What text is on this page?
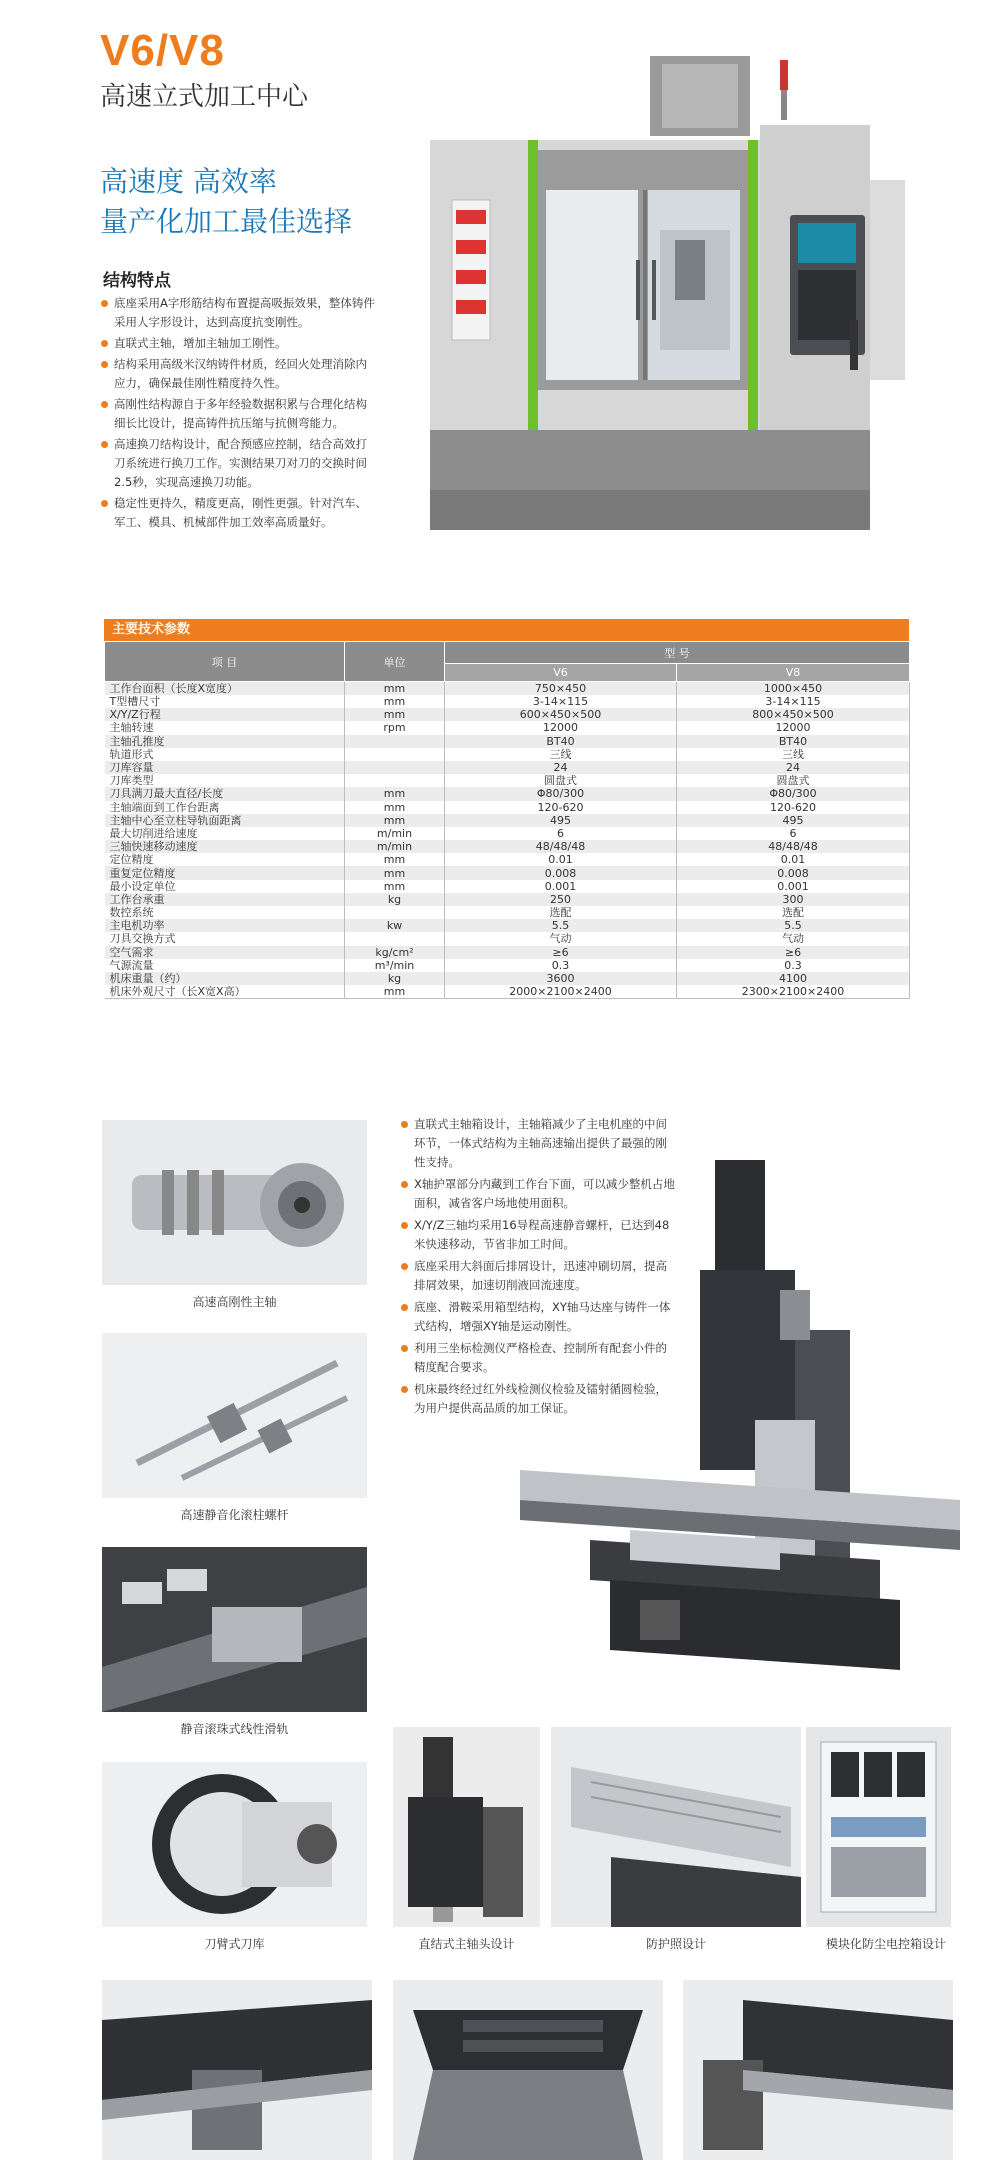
V6/V8
高速立式加工中心
高速度 高效率
量产化加工最佳选择
结构特点
底座采用A字形筋结构布置提高吸振效果，整体铸件采用人字形设计，达到高度抗变刚性。
直联式主轴，增加主轴加工刚性。
结构采用高级米汉纳铸件材质，经回火处理消除内应力，确保最佳刚性精度持久性。
高刚性结构源自于多年经验数据积累与合理化结构细长比设计，提高铸件抗压缩与抗侧弯能力。
高速换刀结构设计，配合预感应控制，结合高效打刀系统进行换刀工作。实测结果刀对刀的交换时间2.5秒，实现高速换刀功能。
稳定性更持久，精度更高，刚性更强。针对汽车、军工、模具、机械部件加工效率高质量好。
主要技术参数
项 目	单位	型 号	
		V6	V8
工作台面积（长度X宽度）	mm	750×450	1000×450
T型槽尺寸	mm	3-14×115	3-14×115
X/Y/Z行程	mm	600×450×500	800×450×500
主轴转速	rpm	12000	12000
主轴孔推度		BT40	BT40
轨道形式		三线	三线
刀库容量		24	24
刀库类型		圆盘式	圆盘式
刀具满刀最大直径/长度	mm	Φ80/300	Φ80/300
主轴端面到工作台距离	mm	120-620	120-620
主轴中心至立柱导轨面距离	mm	495	495
最大切削进给速度	m/min	6	6
三轴快速移动速度	m/min	48/48/48	48/48/48
定位精度	mm	0.01	0.01
重复定位精度	mm	0.008	0.008
最小设定单位	mm	0.001	0.001
工作台承重	kg	250	300
数控系统		选配	选配
主电机功率	kw	5.5	5.5
刀具交换方式		气动	气动
空气需求	kg/cm²	≥6	≥6
气源流量	m³/min	0.3	0.3
机床重量（约）	kg	3600	4100
机床外观尺寸（长X宽X高）	mm	2000×2100×2400	2300×2100×2400
高速高刚性主轴
高速静音化滚柱螺杆
静音滚珠式线性滑轨
刀臂式刀库	直结式主轴头设计	防护照设计	模块化防尘电控箱设计
直联式主轴箱设计，主轴箱减少了主电机座的中间环节，一体式结构为主轴高速输出提供了最强的刚性支持。
X轴护罩部分内藏到工作台下面，可以减少整机占地面积，减省客户场地使用面积。
X/Y/Z三轴均采用16导程高速静音螺杆，已达到48米快速移动，节省非加工时间。
底座采用大斜面后排屑设计，迅速冲刷切屑，提高排屑效果，加速切削液回流速度。
底座、滑鞍采用箱型结构，XY轴马达座与铸件一体式结构，增强XY轴是运动刚性。
利用三坐标检测仪严格检查、控制所有配套小件的精度配合要求。
机床最终经过红外线检测仪检验及镭射循圆检验，为用户提供高品质的加工保证。
